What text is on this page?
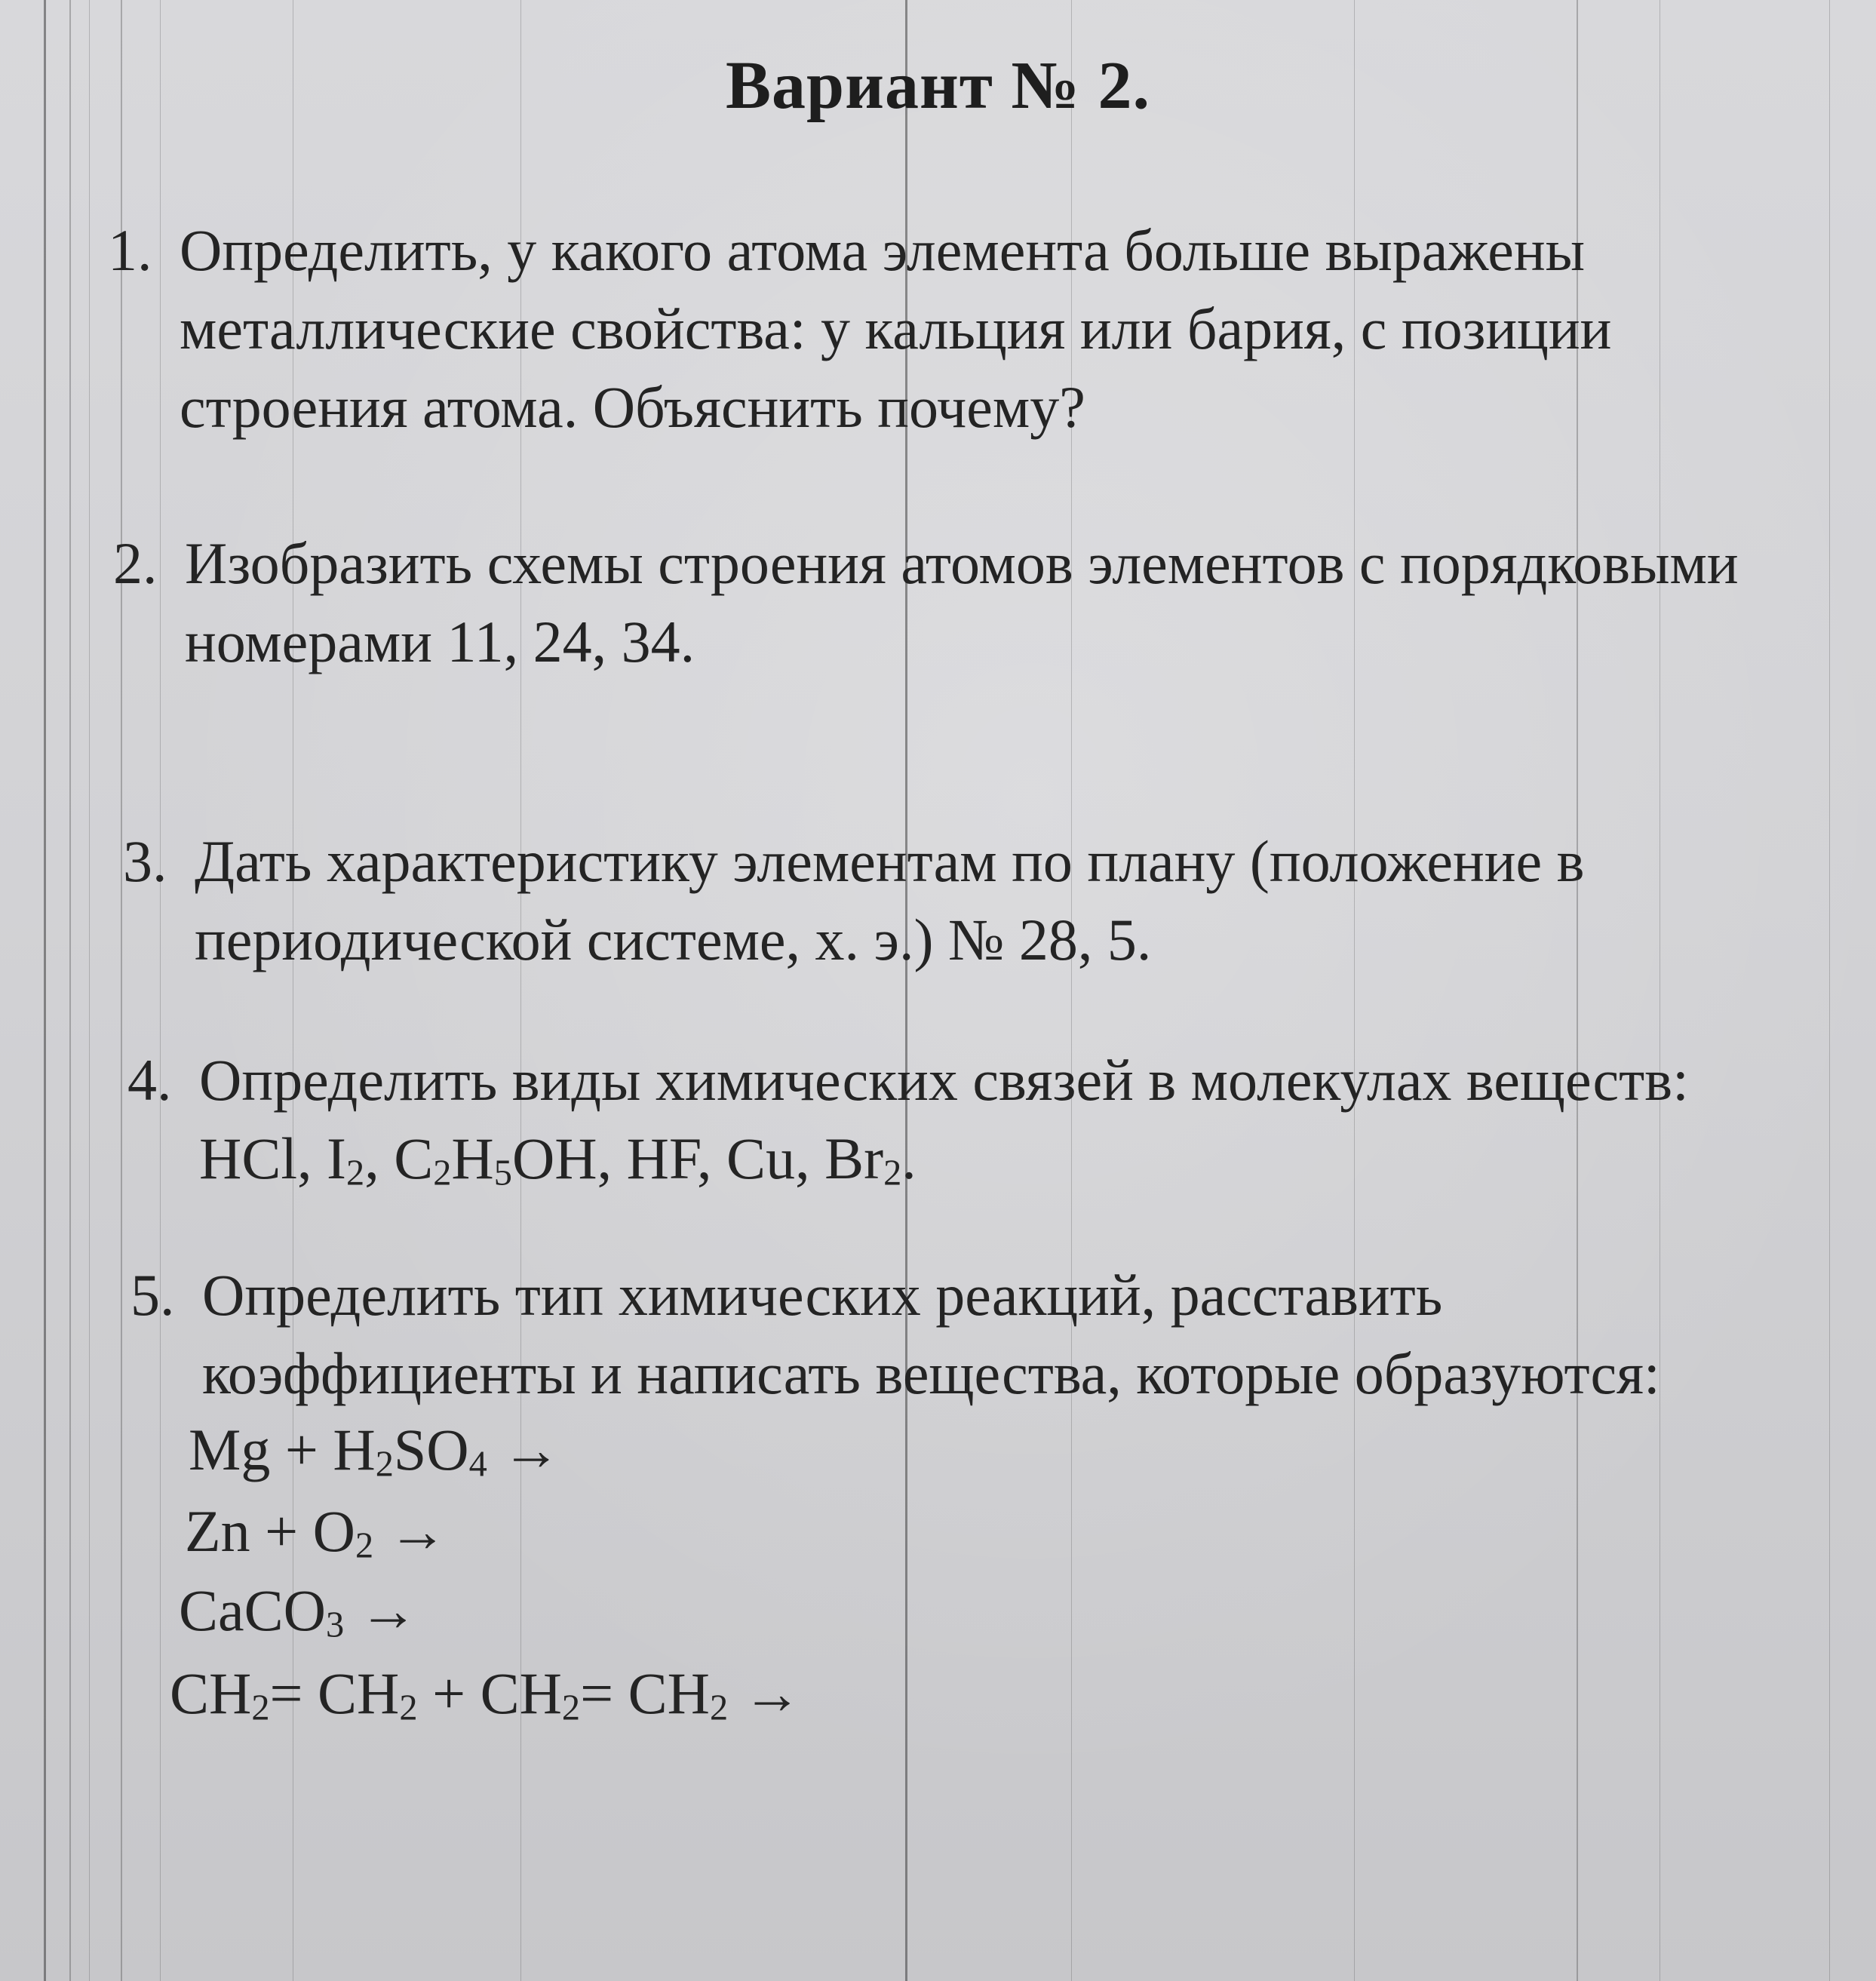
Вариант № 2.
1. Определить, у какого атома элемента больше выражены

металлические свойства: у кальция или бария, с позиции

строения атома. Объяснить почему?

2. Изобразить схемы строения атомов элементов с порядковыми

номерами 11, 24, 34.

3. Дать характеристику элементам по плану (положение в

периодической системе, х. э.) № 28, 5.

4. Определить виды химических связей в молекулах веществ:

HCl, $I_2$, $C_2H_5OH$, HF, Cu, $Br_2$.

5. Определить тип химических реакций, расставить

коэффициенты и написать вещества, которые образуются:

$Mg + H_2SO_4$ →

$Zn + O_2$ →

CaCO$_3$ →

$CH_2= CH_2 + CH_2= CH_2$ →
